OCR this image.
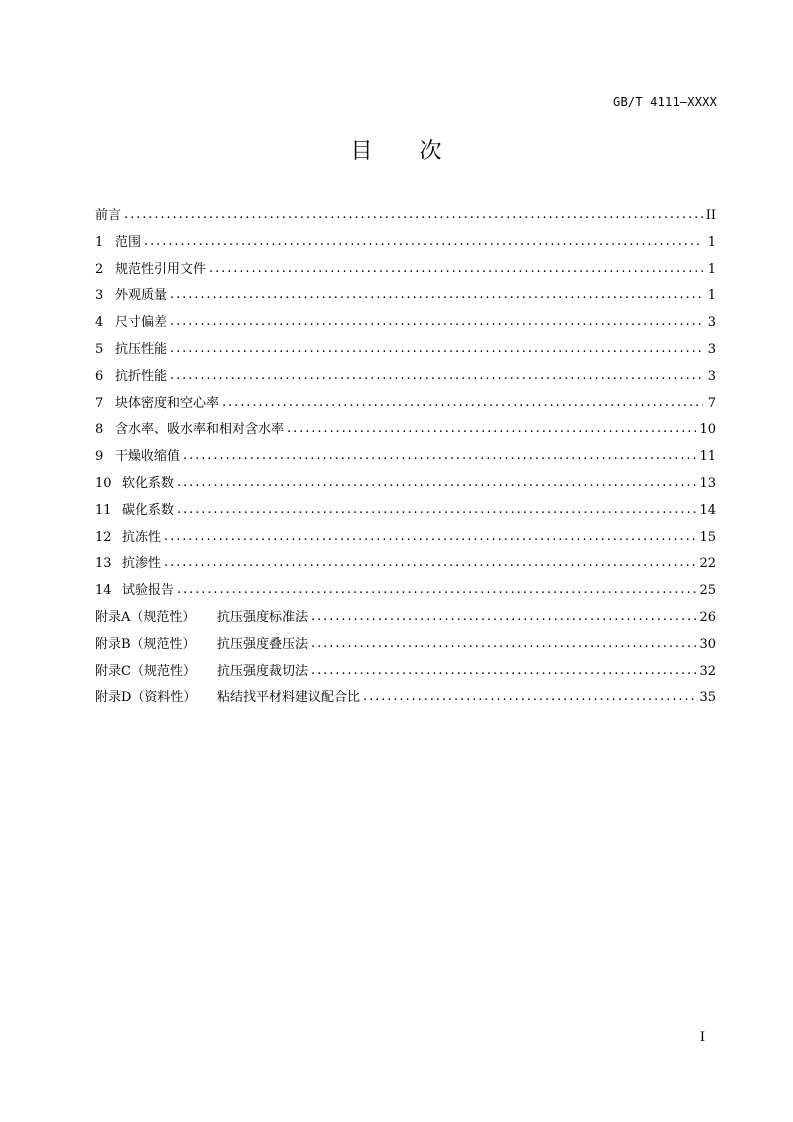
GB/T 4111—XXXX
目 次
前言 . . .	II
1 范围 . . .	1
2 规范性引用文件 . . .	1
3 外观质量 . . .	1
4 尺寸偏差 . . .	3
5 抗压性能 . . .	3
6 抗折性能 . . .	3
7 块体密度和空心率 . . .	7
8 含水率、吸水率和相对含水率 . . .	10
9 干燥收缩值 . . .	11
10 软化系数 . . .	13
11 碳化系数 . . .	14
12 抗冻性 . . .	15
13 抗渗性 . . .	22
14 试验报告 . . .	25
附录A（规范性）	抗压强度标准法 . . .	26
附录B（规范性）	抗压强度叠压法 . . .	30
附录C（规范性）	抗压强度裁切法 . . .	32
附录D（资料性）	粘结找平材料建议配合比 . . .	35
I
